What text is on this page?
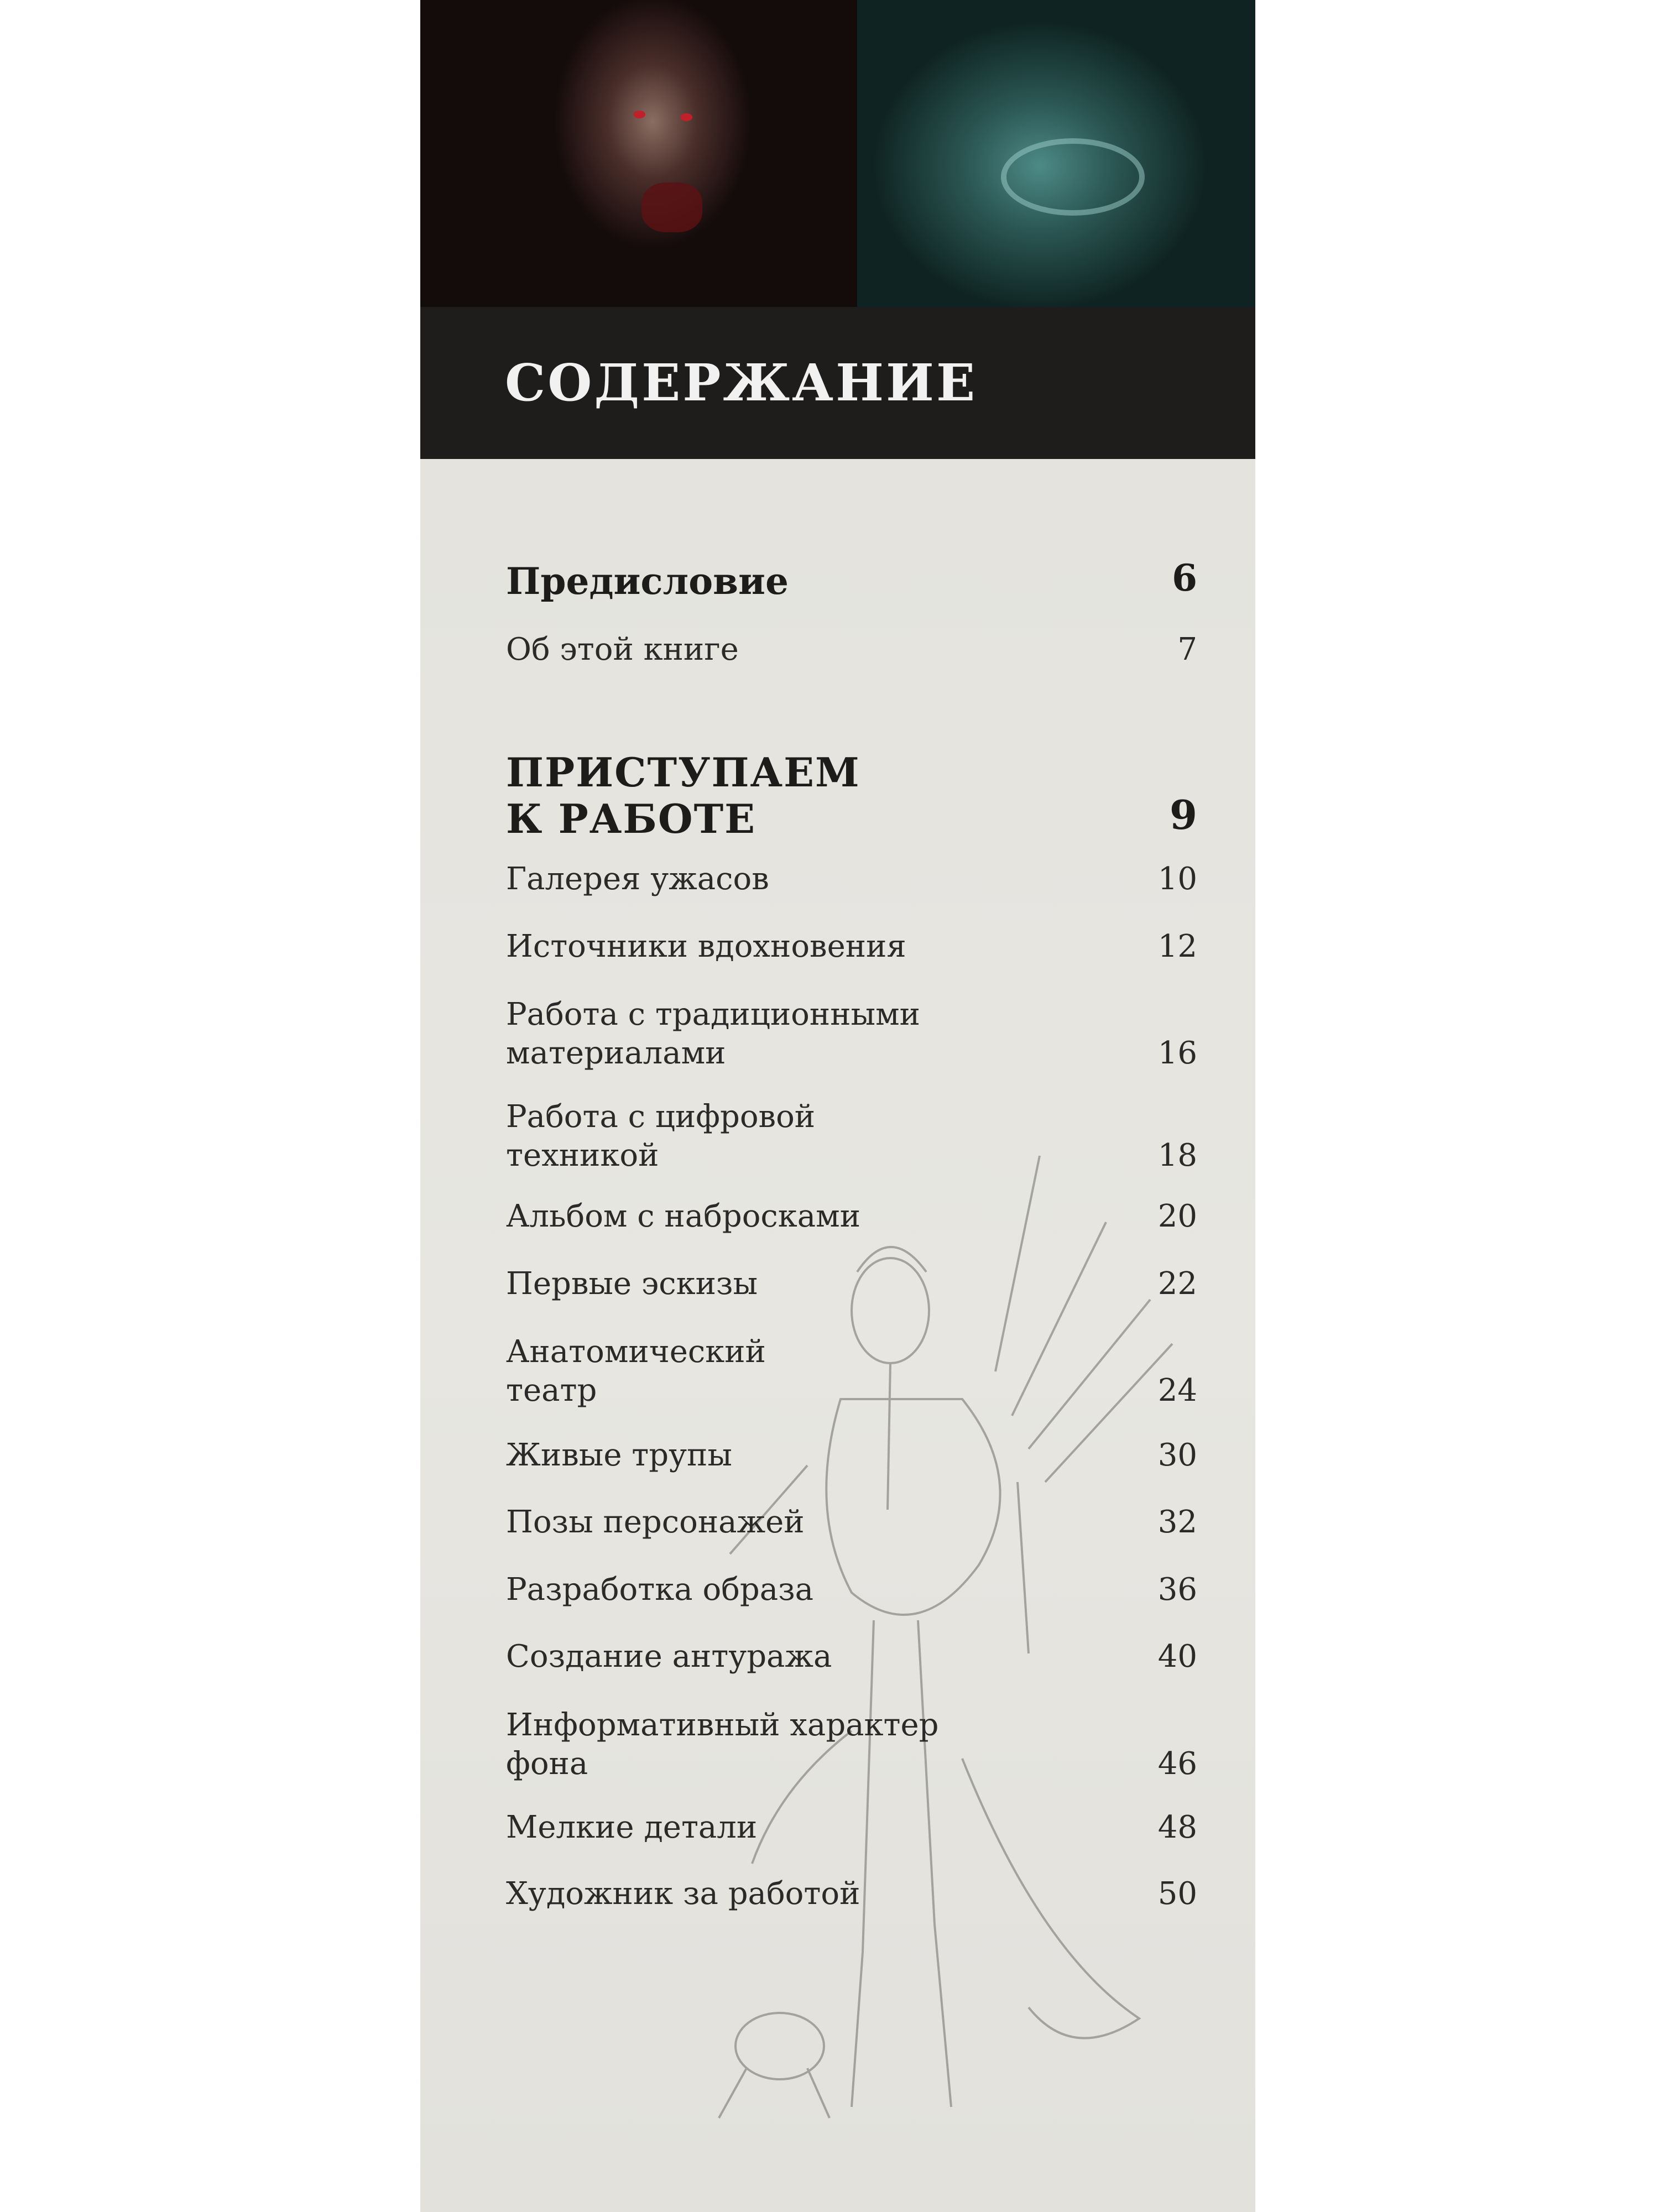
СОДЕРЖАНИЕ
Предисловие	6
Об этой книге	7
ПРИСТУПАЕМ
К РАБОТЕ	9
Галерея ужасов	10
Источники вдохновения	12
Работа с традиционными
материалами	16
Работа с цифровой
техникой	18
Альбом с набросками	20
Первые эскизы	22
Анатомический
театр	24
Живые трупы	30
Позы персонажей	32
Разработка образа	36
Создание антуража	40
Информативный характер
фона	46
Мелкие детали	48
Художник за работой	50
